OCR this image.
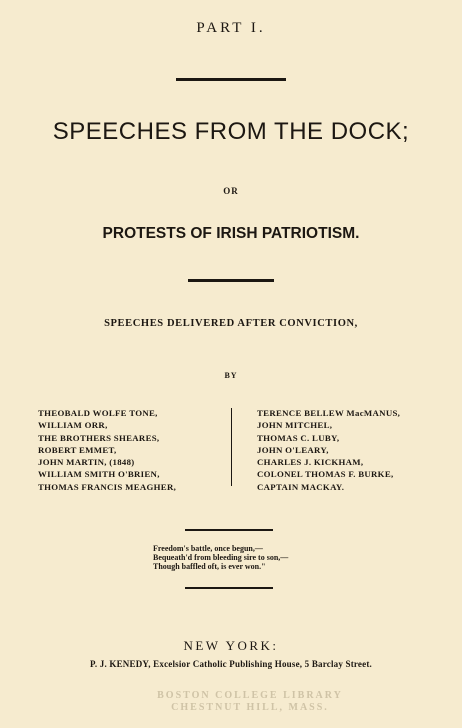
PART I.
SPEECHES FROM THE DOCK;
OR
PROTESTS OF IRISH PATRIOTISM.
SPEECHES DELIVERED AFTER CONVICTION,
BY
THEOBALD WOLFE TONE,
WILLIAM ORR,
THE BROTHERS SHEARES,
ROBERT EMMET,
JOHN MARTIN, (1848)
WILLIAM SMITH O'BRIEN,
THOMAS FRANCIS MEAGHER,
TERENCE BELLEW MacMANUS,
JOHN MITCHEL,
THOMAS C. LUBY,
JOHN O'LEARY,
CHARLES J. KICKHAM,
COLONEL THOMAS F. BURKE,
CAPTAIN MACKAY.
Freedom's battle, once begun,—
Bequeath'd from bleeding sire to son,—
Though baffled oft, is ever won."
NEW YORK:
P. J. KENEDY, Excelsior Catholic Publishing House, 5 Barclay Street.
BOSTON COLLEGE LIBRARY
CHESTNUT HILL, MASS.
